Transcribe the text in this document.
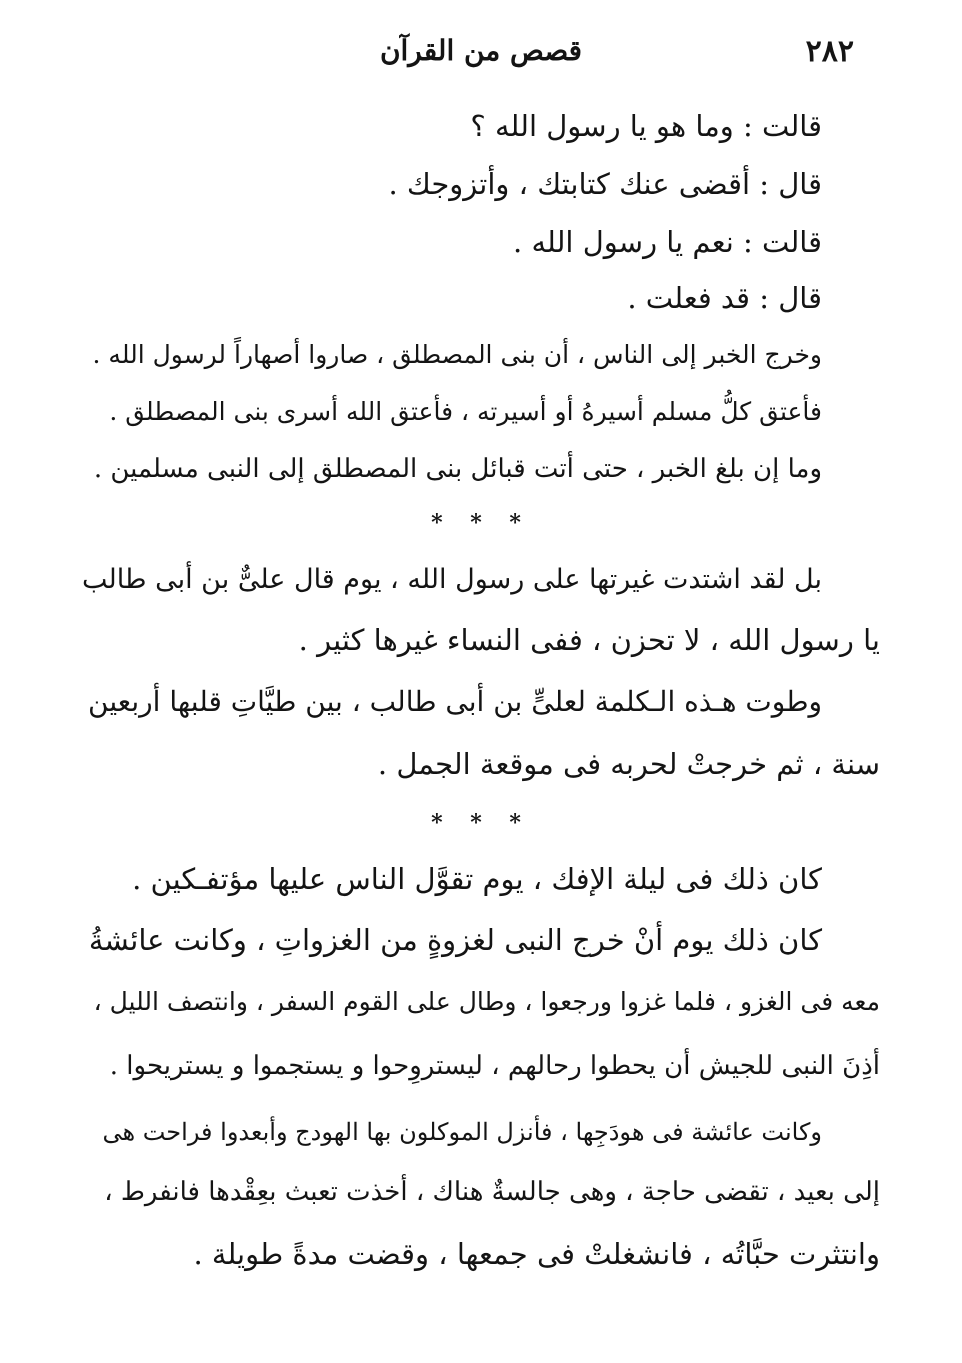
٢٨٢
قصص من القرآن
قالت : وما هو يا رسول الله ؟
قال : أقضى عنك كتابتك ، وأتزوجك .
قالت : نعم يا رسول الله .
قال : قد فعلت .
وخرج الخبر إلى الناس ، أن بنى المصطلق ، صاروا أصهاراً لرسول الله .
فأعتق كلُّ مسلم أسيرهُ أو أسيرته ، فأعتق الله أسرى بنى المصطلق .
وما إن بلغ الخبر ، حتى أتت قبائل بنى المصطلق إلى النبى مسلمين .
* * *
بل لقد اشتدت غيرتها على رسول الله ، يوم قال علىٌّ بن أبى طالب
يا رسول الله ، لا تحزن ، ففى النساء غيرها كثير .
وطوت هـذه الـكلمة لعلىٍّ بن أبى طالب ، بين طيَّاتِ قلبها أربعين
سنة ، ثم خرجتْ لحربه فى موقعة الجمل .
* * *
كان ذلك فى ليلة الإفك ، يوم تقوَّل الناس عليها مؤتفـكين .
كان ذلك يوم أنْ خرج النبى لغزوةٍ من الغزواتِ ، وكانت عائشةُ
معه فى الغزو ، فلما غزوا ورجعوا ، وطال على القوم السفر ، وانتصف الليل ،
أذِنَ النبى للجيش أن يحطوا رحالهم ، ليستروِحوا و يستجموا و يستريحوا .
وكانت عائشة فى هودَجِها ، فأنزل الموكلون بها الهودج وأبعدوا فراحت هى
إلى بعيد ، تقضى حاجة ، وهى جالسةٌ هناك ، أخذت تعبث بعِقْدها فانفرط ،
وانتثرت حبَّاتُه ، فانشغلتْ فى جمعها ، وقضت مدةً طويلة .
